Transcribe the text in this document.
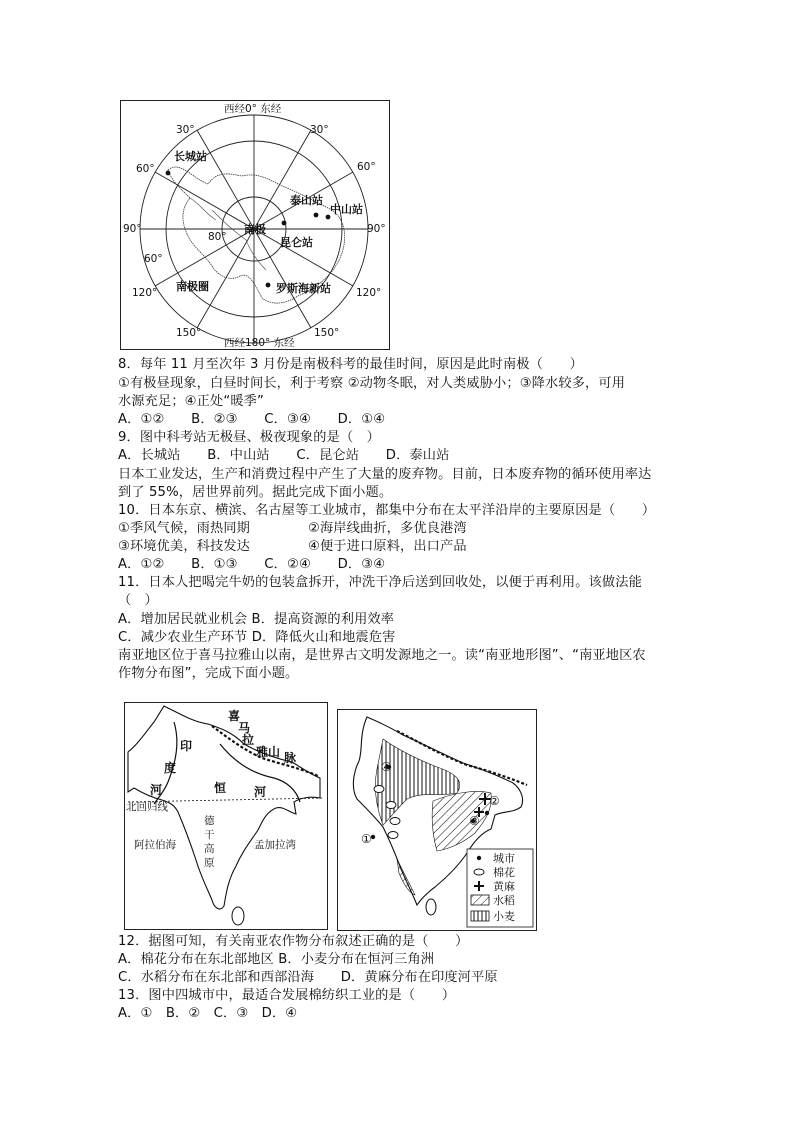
西经0° 东经
西经180° 东经
30°	30°
60°	60°
90°	90°
120°	120°
150°	150°
80°
60°
南极
南极圈
长城站
泰山站
中山站
昆仑站
罗斯海新站
8．每年 11 月至次年 3 月份是南极科考的最佳时间，原因是此时南极（　　）
①有极昼现象，白昼时间长，利于考察 ②动物冬眠，对人类威胁小；③降水较多，可用
水源充足；④正处“暖季”
A．①②　　B．②③　　C．③④　　D．①④
9．图中科考站无极昼、极夜现象的是（　）
A．长城站　　B．中山站　　C．昆仑站　　D．泰山站
日本工业发达，生产和消费过程中产生了大量的废弃物。目前，日本废弃物的循环使用率达
到了 55%，居世界前列。据此完成下面小题。
10．日本东京、横滨、名古屋等工业城市，都集中分布在太平洋沿岸的主要原因是（　　）
①季风气候，雨热同期	②海岸线曲折，多优良港湾
③环境优美，科技发达	④便于进口原料，出口产品
A．①②　　B．①③　　C．②④　　D．③④
11．日本人把喝完牛奶的包装盒拆开，冲洗干净后送到回收处，以便于再利用。该做法能
（　）
A．增加居民就业机会 B．提高资源的利用效率
C．减少农业生产环节 D．降低火山和地震危害
南亚地区位于喜马拉雅山以南，是世界古文明发源地之一。读“南亚地形图”、“南亚地区农
作物分布图”，完成下面小题。
喜
马
拉
雅山 脉
印
度
河	恒 河
北回归线
德
干
高
原
阿拉伯海	孟加拉湾	①
②
③
④
城市
棉花
黄麻
水稻
小麦
12．据图可知，有关南亚农作物分布叙述正确的是（　　）
A．棉花分布在东北部地区 B．小麦分布在恒河三角洲
C．水稻分布在东北部和西部沿海　　D．黄麻分布在印度河平原
13．图中四城市中，最适合发展棉纺织工业的是（　　）
A．①　B．②　C．③　D．④
